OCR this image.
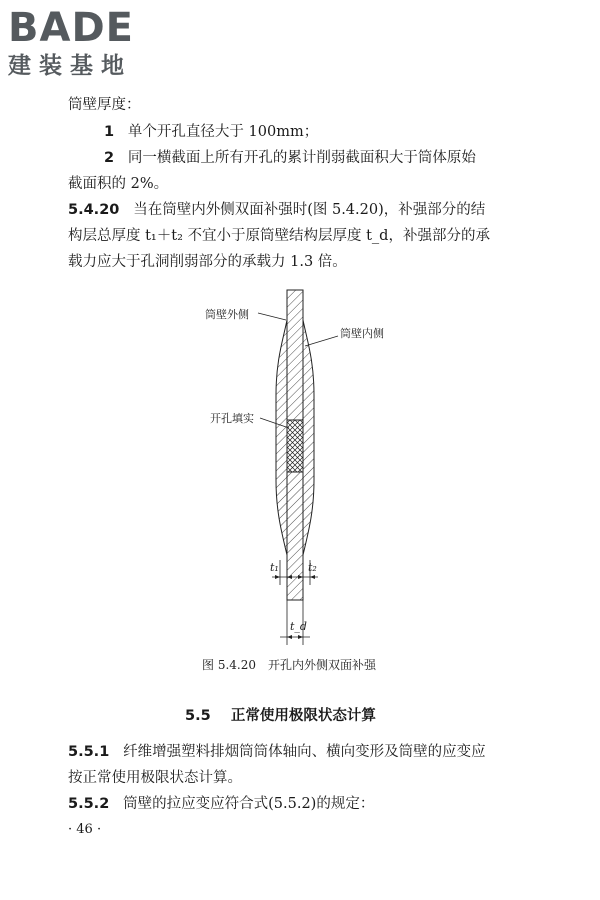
BADE
建装基地
筒壁厚度：
1 单个开孔直径大于 100mm；
2 同一横截面上所有开孔的累计削弱截面积大于筒体原始
截面积的 2%。
5.4.20 当在筒壁内外侧双面补强时(图 5.4.20)，补强部分的结
构层总厚度 t₁＋t₂ 不宜小于原筒壁结构层厚度 t_d，补强部分的承
载力应大于孔洞削弱部分的承载力 1.3 倍。
筒壁外侧
筒壁内侧
开孔填实
t₁	t₂
t_d
图 5.4.20　开孔内外侧双面补强
5.5 正常使用极限状态计算
5.5.1 纤维增强塑料排烟筒筒体轴向、横向变形及筒壁的应变应
按正常使用极限状态计算。
5.5.2 筒壁的拉应变应符合式(5.5.2)的规定：
· 46 ·
